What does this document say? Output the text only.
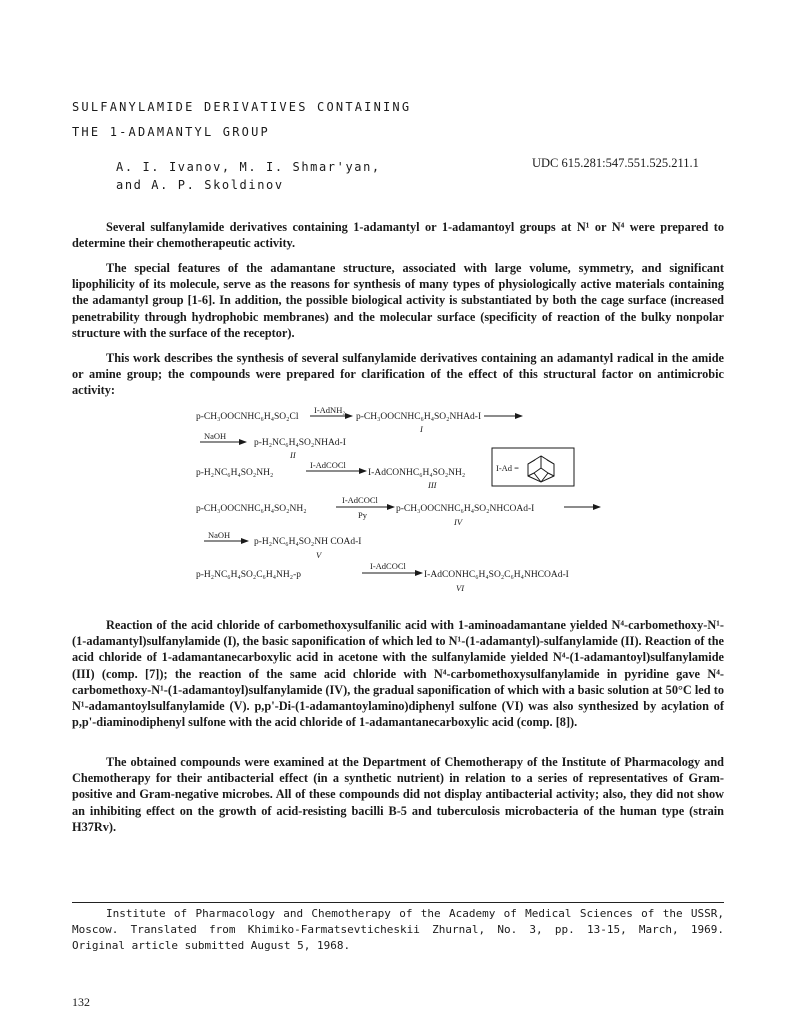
SULFANYLAMIDE DERIVATIVES CONTAINING
THE 1-ADAMANTYL GROUP
A. I. Ivanov, M. I. Shmar'yan,
and A. P. Skoldinov
UDC 615.281:547.551.525.211.1

Several sulfanylamide derivatives containing 1-adamantyl or 1-adamantoyl groups at N¹ or N⁴ were prepared to determine their chemotherapeutic activity.

The special features of the adamantane structure, associated with large volume, symmetry, and significant lipophilicity of its molecule, serve as the reasons for synthesis of many types of physiologically active materials containing the adamantyl group [1-6]. In addition, the possible biological activity is substantiated by both the cage surface (increased penetrability through hydrophobic membranes) and the molecular surface (specificity of reaction of the bulky nonpolar structure with the surface of the receptor).

This work describes the synthesis of several sulfanylamide derivatives containing an adamantyl radical in the amide or amine group; the compounds were prepared for clarification of the effect of this structural factor on antimicrobic activity:

p-CH₃OOCNHC₆H₄SO₂Cl
I-AdNH₂
p-CH₃OOCNHC₆H₄SO₂NHAd-I
I
NaOH
p-H₂NC₆H₄SO₂NHAd-I
II
p-H₂NC₆H₄SO₂NH₂
I-AdCOCl
I-AdCONHC₆H₄SO₂NH₂
III
I-Ad =
p-CH₃OOCNHC₆H₄SO₂NH₂
I-AdCOCl
Py
p-CH₃OOCNHC₆H₄SO₂NHCOAd-I
IV
NaOH
p-H₂NC₆H₄SO₂NH COAd-I
V
p-H₂NC₆H₄SO₂C₆H₄NH₂-p
I-AdCOCl
I-AdCONHC₆H₄SO₂C₆H₄NHCOAd-I
VI

Reaction of the acid chloride of carbomethoxysulfanilic acid with 1-aminoadamantane yielded N⁴-carbomethoxy-N¹-(1-adamantyl)sulfanylamide (I), the basic saponification of which led to N¹-(1-adamantyl)-sulfanylamide (II). Reaction of the acid chloride of 1-adamantanecarboxylic acid in acetone with the sulfanylamide yielded N⁴-(1-adamantoyl)sulfanylamide (III) (comp. [7]); the reaction of the same acid chloride with N⁴-carbomethoxysulfanylamide in pyridine gave N⁴-carbomethoxy-N¹-(1-adamantoyl)sulfanylamide (IV), the gradual saponification of which with a basic solution at 50°C led to N¹-adamantoylsulfanylamide (V). p,p'-Di-(1-adamantoylamino)diphenyl sulfone (VI) was also synthesized by acylation of p,p'-diaminodiphenyl sulfone with the acid chloride of 1-adamantanecarboxylic acid (comp. [8]).

The obtained compounds were examined at the Department of Chemotherapy of the Institute of Pharmacology and Chemotherapy for their antibacterial effect (in a synthetic nutrient) in relation to a series of representatives of Gram-positive and Gram-negative microbes. All of these compounds did not display antibacterial activity; also, they did not show an inhibiting effect on the growth of acid-resisting bacilli B-5 and tuberculosis microbacteria of the human type (strain H37Rv).

Institute of Pharmacology and Chemotherapy of the Academy of Medical Sciences of the USSR, Moscow. Translated from Khimiko-Farmatsevticheskii Zhurnal, No. 3, pp. 13-15, March, 1969. Original article submitted August 5, 1968.

132
